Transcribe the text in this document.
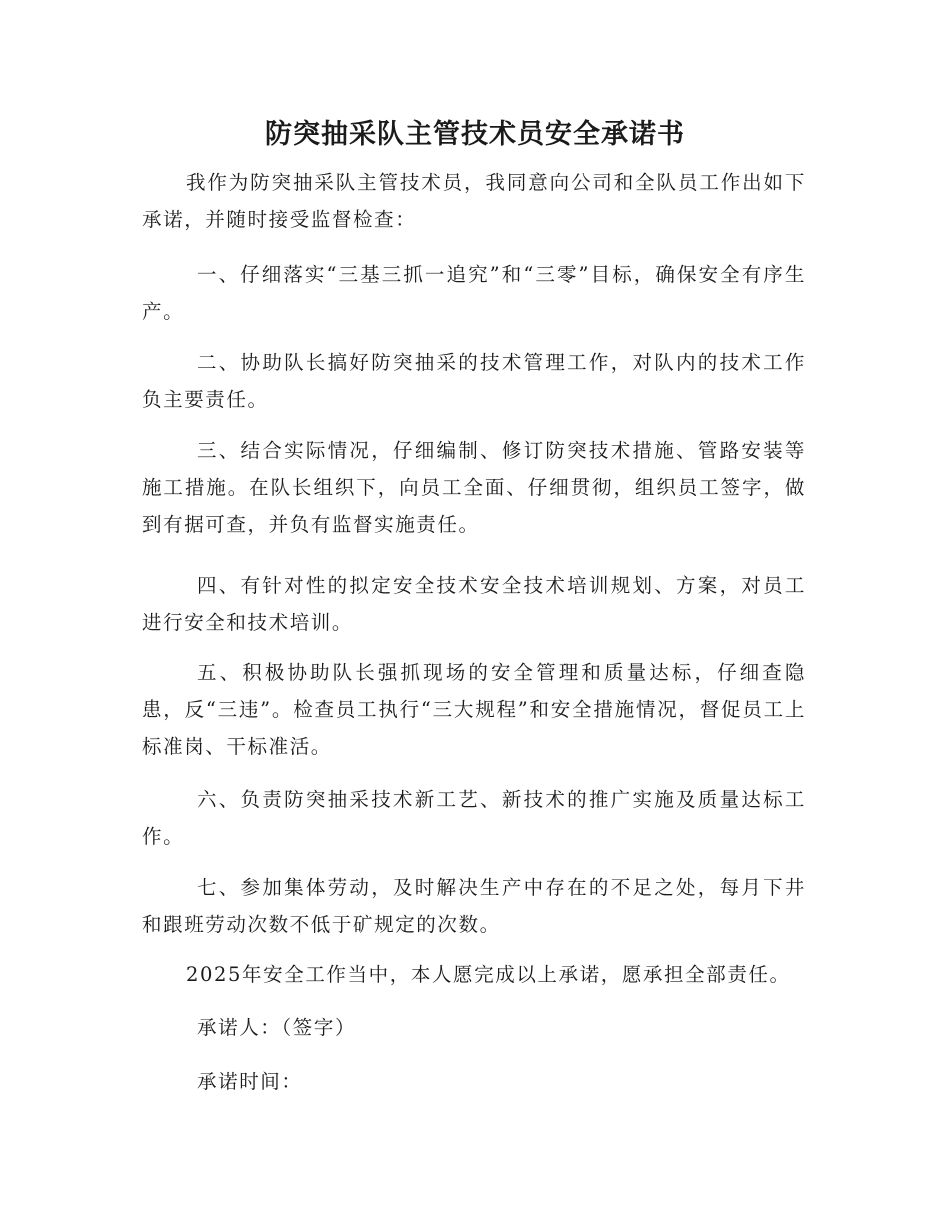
防突抽采队主管技术员安全承诺书

我作为防突抽采队主管技术员，我同意向公司和全队员工作出如下承诺，并随时接受监督检查：

一、仔细落实“三基三抓一追究”和“三零”目标，确保安全有序生产。

二、协助队长搞好防突抽采的技术管理工作，对队内的技术工作负主要责任。

三、结合实际情况，仔细编制、修订防突技术措施、管路安装等施工措施。在队长组织下，向员工全面、仔细贯彻，组织员工签字，做到有据可查，并负有监督实施责任。

四、有针对性的拟定安全技术安全技术培训规划、方案，对员工进行安全和技术培训。

五、积极协助队长强抓现场的安全管理和质量达标，仔细查隐患，反“三违”。检查员工执行“三大规程”和安全措施情况，督促员工上标准岗、干标准活。

六、负责防突抽采技术新工艺、新技术的推广实施及质量达标工作。

七、参加集体劳动，及时解决生产中存在的不足之处，每月下井和跟班劳动次数不低于矿规定的次数。

2025年安全工作当中，本人愿完成以上承诺，愿承担全部责任。

承诺人：（签字）

承诺时间：
